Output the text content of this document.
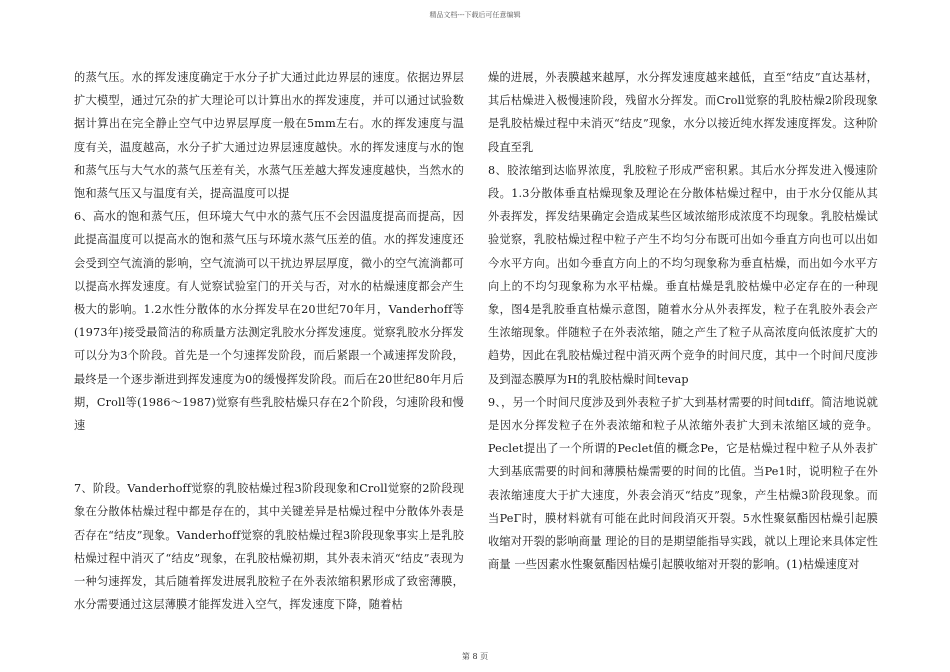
精品文档---下载后可任意编辑

的蒸气压。水的挥发速度确定于水分子扩大通过此边界层的速度。依据边界层扩大模型，通过冗杂的扩大理论可以计算出水的挥发速度，并可以通过试验数据计算出在完全静止空气中边界层厚度一般在5mm左右。水的挥发速度与温度有关，温度越高，水分子扩大通过边界层速度越快。水的挥发速度与水的饱和蒸气压与大气水的蒸气压差有关，水蒸气压差越大挥发速度越快，当然水的饱和蒸气压又与温度有关，提高温度可以提

6、高水的饱和蒸气压，但环境大气中水的蒸气压不会因温度提高而提高，因此提高温度可以提高水的饱和蒸气压与环境水蒸气压差的值。水的挥发速度还会受到空气流淌的影响，空气流淌可以干扰边界层厚度，微小的空气流淌都可以提高水挥发速度。有人觉察试验室门的开关与否，对水的枯燥速度都会产生极大的影响。1.2水性分散体的水分挥发早在20世纪70年月，Vanderhoff等(1973年)接受最简洁的称质量方法测定乳胶水分挥发速度。觉察乳胶水分挥发可以分为3个阶段。首先是一个匀速挥发阶段，而后紧跟一个减速挥发阶段，最终是一个逐步渐进到挥发速度为0的缓慢挥发阶段。而后在20世纪80年月后期，Croll等(1986～1987)觉察有些乳胶枯燥只存在2个阶段，匀速阶段和慢速

7、阶段。Vanderhoff觉察的乳胶枯燥过程3阶段现象和Croll觉察的2阶段现象在分散体枯燥过程中都是存在的，其中关键差异是枯燥过程中分散体外表是否存在“结皮”现象。Vanderhoff觉察的乳胶枯燥过程3阶段现象事实上是乳胶枯燥过程中消灭了“结皮”现象，在乳胶枯燥初期，其外表未消灭“结皮”表现为一种匀速挥发，其后随着挥发进展乳胶粒子在外表浓缩积累形成了致密薄膜，水分需要通过这层薄膜才能挥发进入空气，挥发速度下降，随着枯

燥的进展，外表膜越来越厚，水分挥发速度越来越低，直至“结皮”直达基材，其后枯燥进入极慢速阶段，残留水分挥发。而Croll觉察的乳胶枯燥2阶段现象是乳胶枯燥过程中未消灭“结皮”现象，水分以接近纯水挥发速度挥发。这种阶段直至乳

8、胶浓缩到达临界浓度，乳胶粒子形成严密积累。其后水分挥发进入慢速阶段。1.3分散体垂直枯燥现象及理论在分散体枯燥过程中，由于水分仅能从其外表挥发，挥发结果确定会造成某些区域浓缩形成浓度不均现象。乳胶枯燥试验觉察，乳胶枯燥过程中粒子产生不均匀分布既可出如今垂直方向也可以出如今水平方向。出如今垂直方向上的不均匀现象称为垂直枯燥，而出如今水平方向上的不均匀现象称为水平枯燥。垂直枯燥是乳胶枯燥中必定存在的一种现象，图4是乳胶垂直枯燥示意图，随着水分从外表挥发，粒子在乳胶外表会产生浓缩现象。伴随粒子在外表浓缩，随之产生了粒子从高浓度向低浓度扩大的趋势，因此在乳胶枯燥过程中消灭两个竞争的时间尺度，其中一个时间尺度涉及到湿态膜厚为H的乳胶枯燥时间tevap

9、，另一个时间尺度涉及到外表粒子扩大到基材需要的时间tdiff。简洁地说就是因水分挥发粒子在外表浓缩和粒子从浓缩外表扩大到未浓缩区域的竞争。Peclet提出了一个所谓的Peclet值的概念Pe，它是枯燥过程中粒子从外表扩大到基底需要的时间和薄膜枯燥需要的时间的比值。当Pe1时，说明粒子在外表浓缩速度大于扩大速度，外表会消灭“结皮”现象，产生枯燥3阶段现象。而当PeΓ时，膜材料就有可能在此时间段消灭开裂。5水性聚氨酯因枯燥引起膜收缩对开裂的影响商量 理论的目的是期望能指导实践，就以上理论来具体定性商量 一些因素水性聚氨酯因枯燥引起膜收缩对开裂的影响。(1)枯燥速度对

第 8 页
